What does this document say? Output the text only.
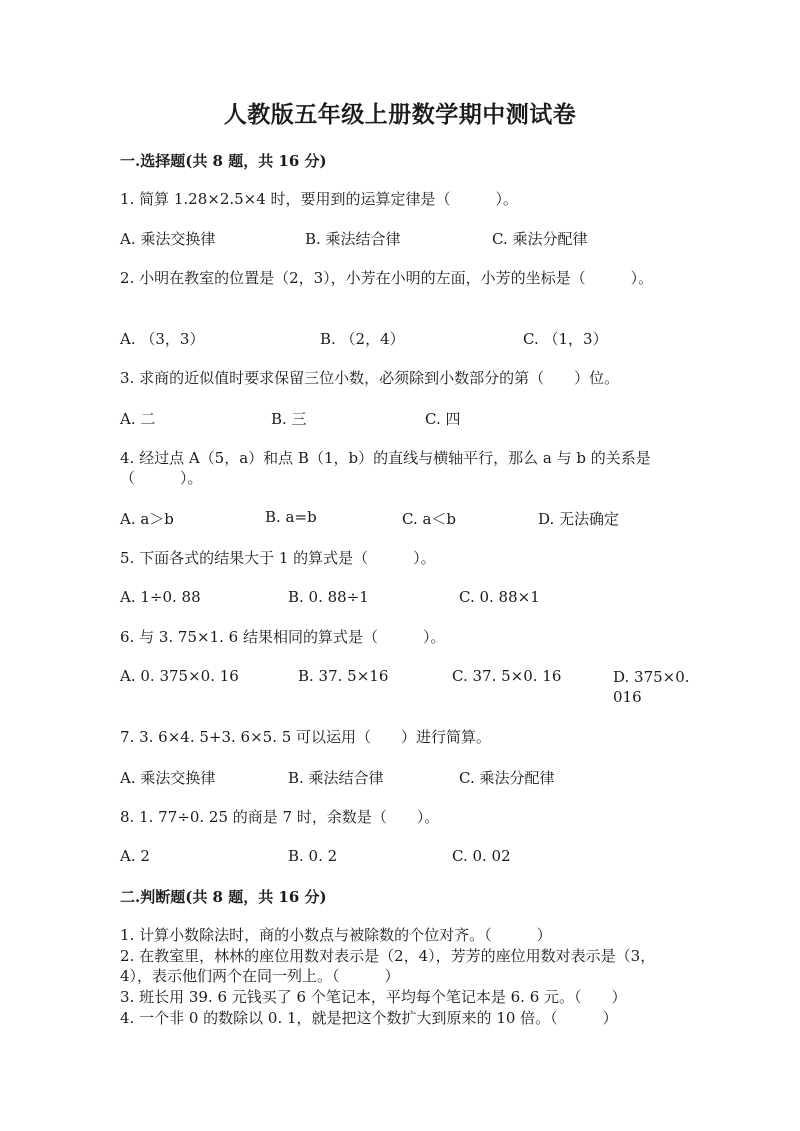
人教版五年级上册数学期中测试卷
一.选择题(共 8 题，共 16 分)
1. 简算 1.28×2.5×4 时，要用到的运算定律是（　　　）。
A. 乘法交换律	B. 乘法结合律	C. 乘法分配律
2. 小明在教室的位置是（2，3），小芳在小明的左面，小芳的坐标是（　　　）。
A. （3，3）	B. （2，4）	C. （1，3）
3. 求商的近似值时要求保留三位小数，必须除到小数部分的第（　　）位。
A. 二	B. 三	C. 四
4. 经过点 A（5，a）和点 B（1，b）的直线与横轴平行，那么 a 与 b 的关系是（　　　）。
A. a＞b	B. a=b	C. a＜b	D. 无法确定
5. 下面各式的结果大于 1 的算式是（　　　）。
A. 1÷0. 88	B. 0. 88÷1	C. 0. 88×1
6. 与 3. 75×1. 6 结果相同的算式是（　　　）。
A. 0. 375×0. 16	B. 37. 5×16	C. 37. 5×0. 16	D. 375×0. 016
7. 3. 6×4. 5+3. 6×5. 5 可以运用（　　）进行简算。
A. 乘法交换律	B. 乘法结合律	C. 乘法分配律
8. 1. 77÷0. 25 的商是 7 时，余数是（　　）。
A. 2	B. 0. 2	C. 0. 02
二.判断题(共 8 题，共 16 分)
1. 计算小数除法时，商的小数点与被除数的个位对齐。（　　　）
2. 在教室里，林林的座位用数对表示是（2，4），芳芳的座位用数对表示是（3，4），表示他们两个在同一列上。（　　　）
3. 班长用 39. 6 元钱买了 6 个笔记本，平均每个笔记本是 6. 6 元。（　　）
4. 一个非 0 的数除以 0. 1，就是把这个数扩大到原来的 10 倍。（　　　）
